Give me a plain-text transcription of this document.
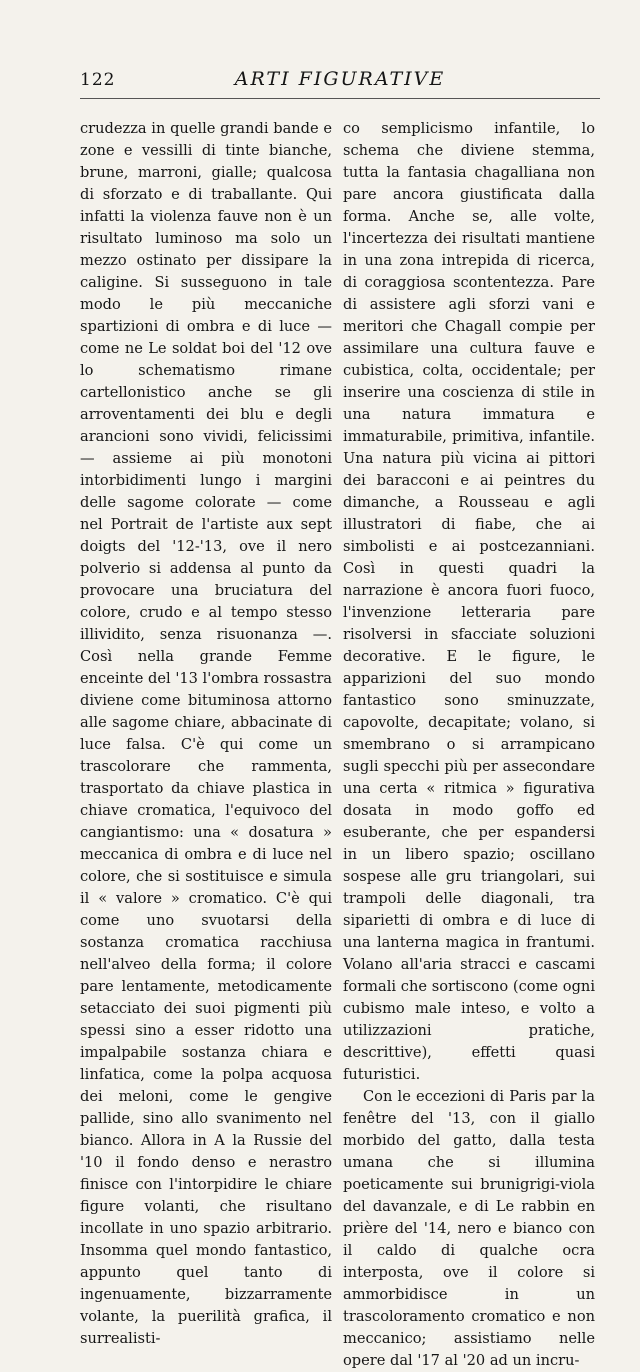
122	ARTI FIGURATIVE

crudezza in quelle grandi bande e zone e vessilli di tinte bianche, brune, marroni, gialle; qualcosa di sforzato e di traballante. Qui infatti la violenza fauve non è un risultato luminoso ma solo un mezzo ostinato per dissipare la caligine. Si susseguono in tale modo le più meccaniche spartizioni di ombra e di luce — come ne Le soldat boi del '12 ove lo schematismo rimane cartellonistico anche se gli arroventamenti dei blu e degli arancioni sono vividi, felicissimi — assieme ai più monotoni intorbidimenti lungo i margini delle sagome colorate — come nel Portrait de l'artiste aux sept doigts del '12-'13, ove il nero polverio si addensa al punto da provocare una bruciatura del colore, crudo e al tempo stesso illividito, senza risuonanza —. Così nella grande Femme enceinte del '13 l'ombra rossastra diviene come bituminosa attorno alle sagome chiare, abbacinate di luce falsa. C'è qui come un trascolorare che rammenta, trasportato da chiave plastica in chiave cromatica, l'equivoco del cangiantismo: una « dosatura » meccanica di ombra e di luce nel colore, che si sostituisce e simula il « valore » cromatico. C'è qui come uno svuotarsi della sostanza cromatica racchiusa nell'alveo della forma; il colore pare lentamente, metodicamente setacciato dei suoi pigmenti più spessi sino a esser ridotto una impalpabile sostanza chiara e linfatica, come la polpa acquosa dei meloni, come le gengive pallide, sino allo svanimento nel bianco. Allora in A la Russie del '10 il fondo denso e nerastro finisce con l'intorpidire le chiare figure volanti, che risultano incollate in uno spazio arbitrario. Insomma quel mondo fantastico, appunto quel tanto di ingenuamente, bizzarramente volante, la puerilità grafica, il surrealisti-

co semplicismo infantile, lo schema che diviene stemma, tutta la fantasia chagalliana non pare ancora giustificata dalla forma. Anche se, alle volte, l'incertezza dei risultati mantiene in una zona intrepida di ricerca, di coraggiosa scontentezza. Pare di assistere agli sforzi vani e meritori che Chagall compie per assimilare una cultura fauve e cubistica, colta, occidentale; per inserire una coscienza di stile in una natura immatura e immaturabile, primitiva, infantile. Una natura più vicina ai pittori dei baracconi e ai peintres du dimanche, a Rousseau e agli illustratori di fiabe, che ai simbolisti e ai postcezanniani. Così in questi quadri la narrazione è ancora fuori fuoco, l'invenzione letteraria pare risolversi in sfacciate soluzioni decorative. E le figure, le apparizioni del suo mondo fantastico sono sminuzzate, capovolte, decapitate; volano, si smembrano o si arrampicano sugli specchi più per assecondare una certa « ritmica » figurativa dosata in modo goffo ed esuberante, che per espandersi in un libero spazio; oscillano sospese alle gru triangolari, sui trampoli delle diagonali, tra siparietti di ombra e di luce di una lanterna magica in frantumi. Volano all'aria stracci e cascami formali che sortiscono (come ogni cubismo male inteso, e volto a utilizzazioni pratiche, descrittive), effetti quasi futuristici.

Con le eccezioni di Paris par la fenêtre del '13, con il giallo morbido del gatto, dalla testa umana che si illumina poeticamente sui brunigrigi-viola del davanzale, e di Le rabbin en prière del '14, nero e bianco con il caldo di qualche ocra interposta, ove il colore si ammorbidisce in un trascoloramento cromatico e non meccanico; assistiamo nelle opere dal '17 al '20 ad un incru-
